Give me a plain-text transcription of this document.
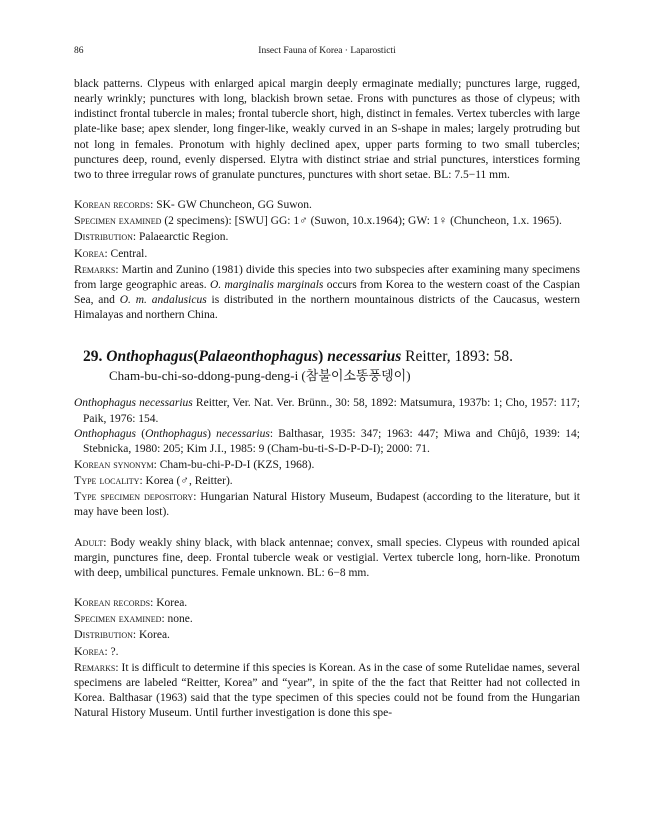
86	Insect Fauna of Korea · Laparosticti

black patterns. Clypeus with enlarged apical margin deeply ermaginate medially; punctures large, rugged, nearly wrinkly; punctures with long, blackish brown setae. Frons with punctures as those of clypeus; with indistinct frontal tubercle in males; frontal tubercle short, high, distinct in females. Vertex tubercles with large plate-like base; apex slender, long finger-like, weakly curved in an S-shape in males; largely protruding but not long in females. Pronotum with highly declined apex, upper parts forming to two small tubercles; punctures deep, round, evenly dispersed. Elytra with distinct striae and strial punctures, interstices forming two to three irregular rows of granulate punctures, punctures with short setae. BL: 7.5−11 mm.

Korean records: SK- GW Chuncheon, GG Suwon.

Specimen examined (2 specimens): [SWU] GG: 1♂ (Suwon, 10.x.1964); GW: 1♀ (Chuncheon, 1.x. 1965).

Distribution: Palaearctic Region.

Korea: Central.

Remarks: Martin and Zunino (1981) divide this species into two subspecies after examining many specimens from large geographic areas. O. marginalis marginals occurs from Korea to the western coast of the Caspian Sea, and O. m. andalusicus is distributed in the northern mountainous districts of the Caucasus, western Himalayas and northern China.

29. Onthophagus(Palaeonthophagus) necessarius Reitter, 1893: 58.
Cham-bu-chi-so-ddong-pung-deng-i (참불이소똥풍뎅이)

Onthophagus necessarius Reitter, Ver. Nat. Ver. Brünn., 30: 58, 1892: Matsumura, 1937b: 1; Cho, 1957: 117; Paik, 1976: 154.

Onthophagus (Onthophagus) necessarius: Balthasar, 1935: 347; 1963: 447; Miwa and Chûjô, 1939: 14; Stebnicka, 1980: 205; Kim J.I., 1985: 9 (Cham-bu-ti-S-D-P-D-I); 2000: 71.

Korean synonym: Cham-bu-chi-P-D-I (KZS, 1968).

Type locality: Korea (♂, Reitter).

Type specimen depository: Hungarian Natural History Museum, Budapest (according to the literature, but it may have been lost).

Adult: Body weakly shiny black, with black antennae; convex, small species. Clypeus with rounded apical margin, punctures fine, deep. Frontal tubercle weak or vestigial. Vertex tubercle long, horn-like. Pronotum with deep, umbilical punctures. Female unknown. BL: 6−8 mm.

Korean records: Korea.

Specimen examined: none.

Distribution: Korea.

Korea: ?.

Remarks: It is difficult to determine if this species is Korean. As in the case of some Rutelidae names, several specimens are labeled “Reitter, Korea” and “year”, in spite of the the fact that Reitter had not collected in Korea. Balthasar (1963) said that the type specimen of this species could not be found from the Hungarian Natural History Museum. Until further investigation is done this spe-
